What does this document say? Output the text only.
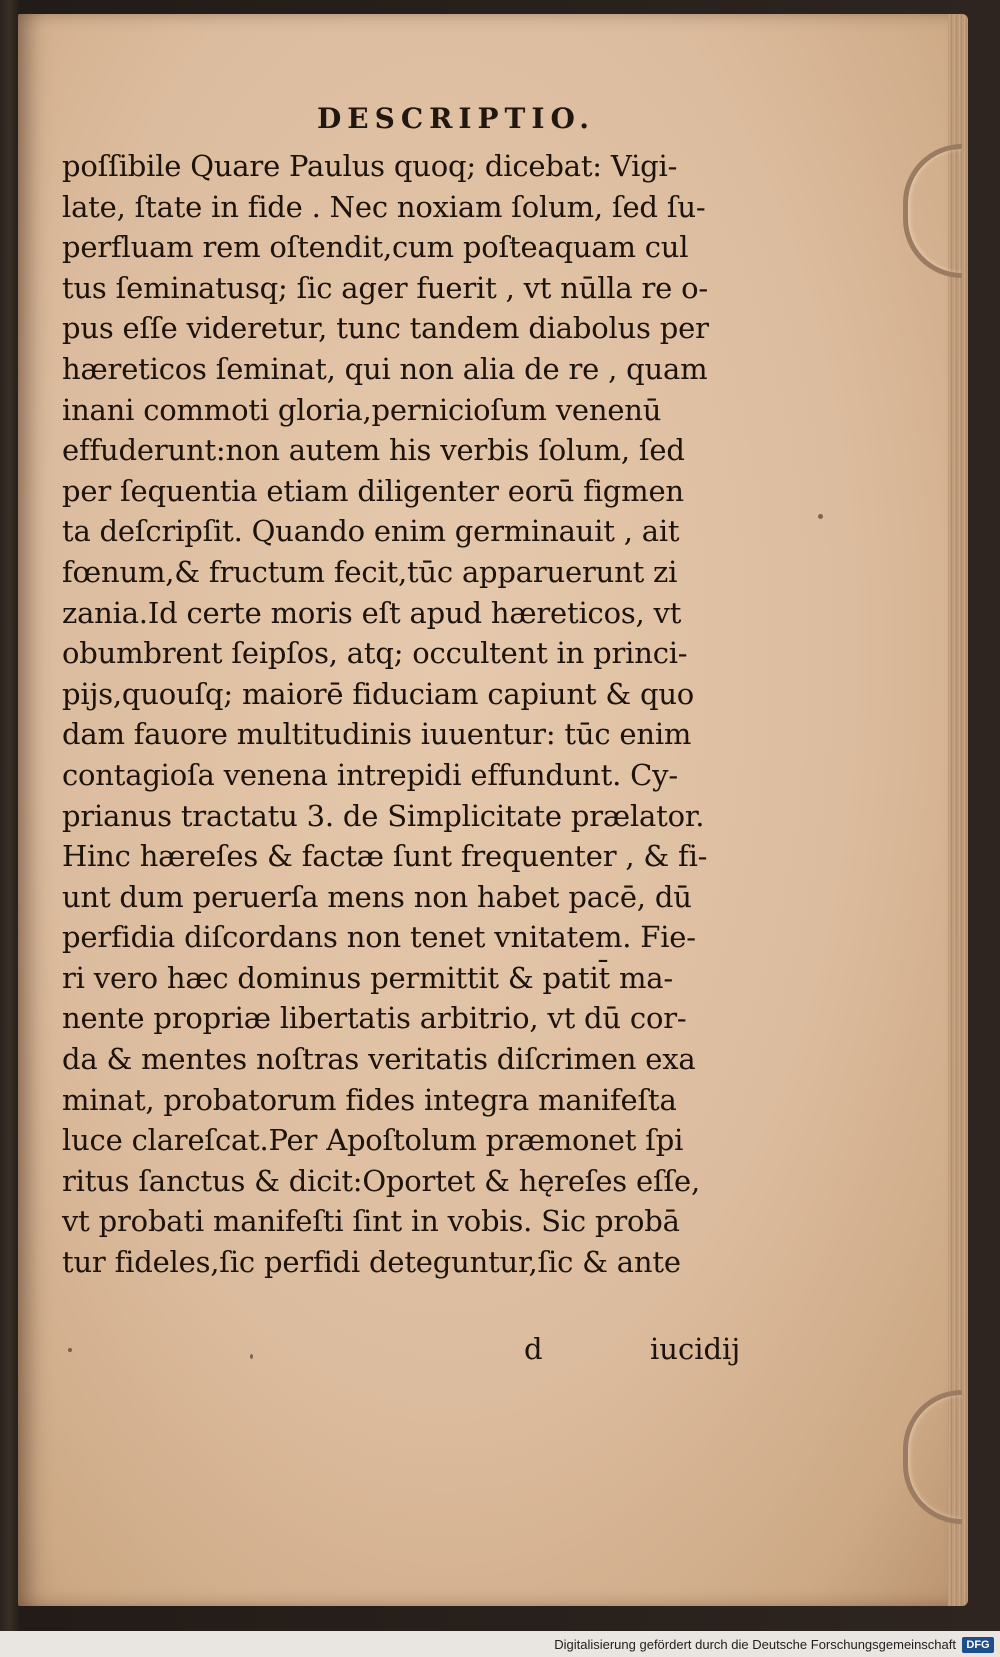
DESCRIPTIO.
poſſibile Quare Paulus quoq; dicebat: Vigi-
late, ſtate in fide . Nec noxiam ſolum, ſed ſu-
perfluam rem oſtendit,cum poſteaquam cul
tus ſeminatusq; ſic ager fuerit , vt nūlla re o-
pus eſſe videretur, tunc tandem diabolus per
hæreticos ſeminat, qui non alia de re , quam
inani commoti gloria,pernicioſum venenū
effuderunt:non autem his verbis ſolum, ſed
per ſequentia etiam diligenter eorū figmen
ta deſcripſit. Quando enim germinauit , ait
fœnum,& fructum fecit,tūc apparuerunt zi
zania.Id certe moris eſt apud hæreticos, vt
obumbrent ſeipſos, atq; occultent in princi-
pijs,quouſq; maiorē fiduciam capiunt & quo
dam fauore multitudinis iuuentur: tūc enim
contagioſa venena intrepidi effundunt. Cy-
prianus tractatu 3. de Simplicitate prælator.
Hinc hæreſes & factæ ſunt frequenter , & fi-
unt dum peruerſa mens non habet pacē, dū
perfidia diſcordans non tenet vnitatem. Fie-
ri vero hæc dominus permittit & patit̄ ma-
nente propriæ libertatis arbitrio, vt dū cor-
da & mentes noſtras veritatis diſcrimen exa
minat, probatorum fides integra manifeſta
luce clareſcat.Per Apoſtolum præmonet ſpi
ritus ſanctus & dicit:Oportet & hęreſes eſſe,
vt probati manifeſti ſint in vobis. Sic probā
tur fideles,ſic perfidi deteguntur,ſic & ante
d	iucidij
Digitalisierung gefördert durch die Deutsche Forschungsgemeinschaft DFG
